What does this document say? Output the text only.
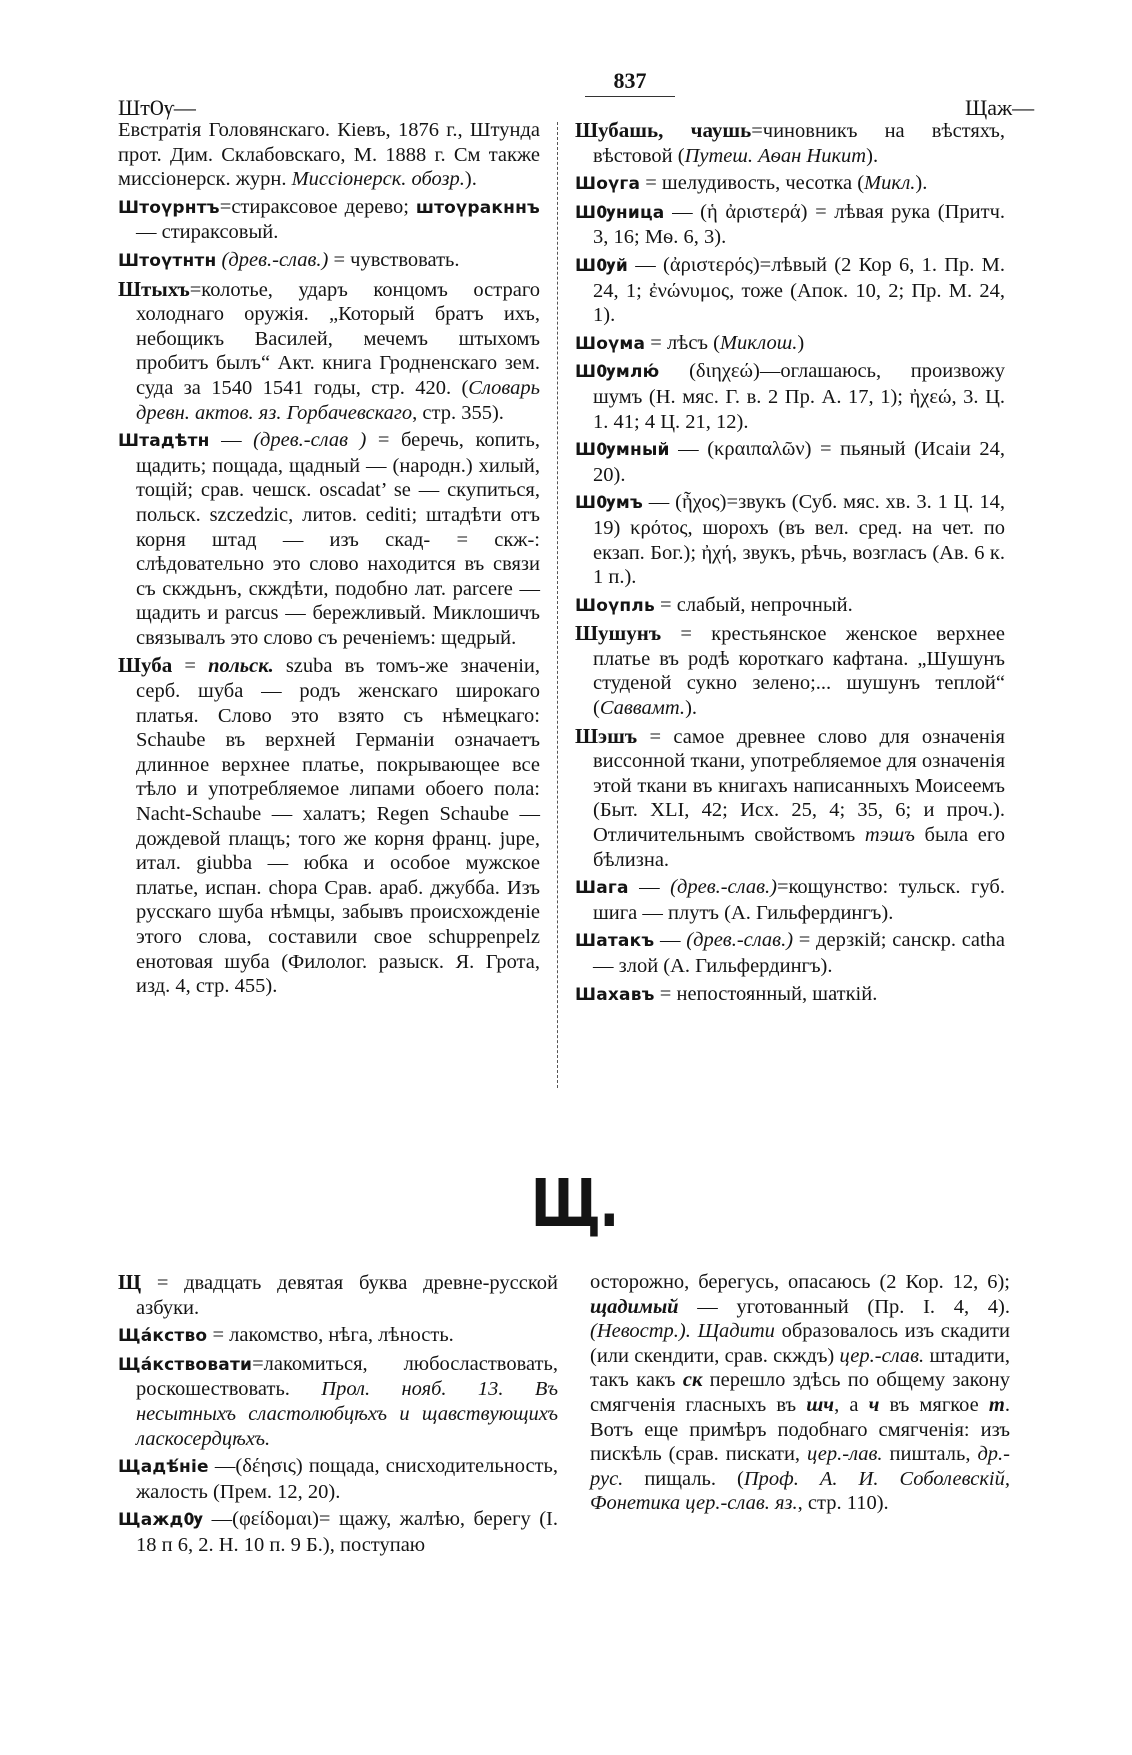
ШтѸ—
837
Щаж—

Евстратія Головянскаго. Кіевъ, 1876 г., Штунда прот. Дим. Склабовскаго, М. 1888 г. См также миссіонерск. журн. Миссіонерск. обозр.).

Штоүрнтъ=стираксовое дерево; штоүракннъ — стираксовый.

Штоүтнтн (древ.-слав.) = чувствовать.

Штыхъ=колотье, ударъ концомъ остраго холоднаго оружія. „Который братъ ихъ, небощикъ Василей, мечемъ штыхомъ пробитъ былъ“ Акт. книга Гродненскаго зем. суда за 1540 1541 годы, стр. 420. (Словарь древн. актов. яз. Горбачевскаго, стр. 355).

Штадѣтн — (древ.-слав ) = беречь, копить, щадить; пощада, щадный — (народн.) хилый, тощій; срав. чешск. oscadat’ se — скупиться, польск. szczedzic, литов. cediti; штадѣти отъ корня штад — изъ скад- = скж-: слѣдовательно это слово находится въ связи съ скждьнъ, скждѣти, подобно лат. parcere — щадить и parcus — бережливый. Миклошичъ связывалъ это слово съ реченіемъ: щедрый.

Шуба = польск. szuba въ томъ-же значеніи, серб. шуба — родъ женскаго широкаго платья. Слово это взято съ нѣмецкаго: Schaube въ верхней Германіи означаетъ длинное верхнее платье, покрывающее все тѣло и употребляемое липами обоего пола: Nacht-Schaube — халатъ; Regen Schaube — дождевой плащъ; того же корня франц. jupe, итал. giubba — юбка и особое мужское платье, испан. chopa Срав. араб. джубба. Изъ русскаго шуба нѣмцы, забывъ происхожденіе этого слова, составили свое schuppenpelz енотовая шуба (Филолог. разыск. Я. Грота, изд. 4, стр. 455).

Шубашь, чаушь=чиновникъ на вѣстяхъ, вѣстовой (Путеш. Аѳан Никит).

Шоүга = шелудивость, чесотка (Микл.).

ШѸница — (ἡ ἀριστερά) = лѣвая рука (Притч. 3, 16; Мѳ. 6, 3).

ШѸй — (ἀριστερός)=лѣвый (2 Кор 6, 1. Пр. М. 24, 1; ἐνώνυμος, тоже (Апок. 10, 2; Пр. М. 24, 1).

Шоүма = лѣсъ (Миклош.)

ШѸмлю́ (διηχεώ)—оглашаюсь, произвожу шумъ (Н. мяс. Г. в. 2 Пр. А. 17, 1); ἠχεώ, 3. Ц. 1. 41; 4 Ц. 21, 12).

ШѸмный — (κραιπαλῶν) = пьяный (Исаіи 24, 20).

ШѸмъ — (ἦχος)=звукъ (Суб. мяс. хв. 3. 1 Ц. 14, 19) κρότος, шорохъ (въ вел. сред. на чет. по екзап. Бог.); ἠχή, звукъ, рѣчь, возгласъ (Ав. 6 к. 1 п.).

Шоүпль = слабый, непрочный.

Шушунъ = крестьянское женское верхнее платье въ родѣ короткаго кафтана. „Шушунъ студеной сукно зелено;... шушунъ теплой“ (Саввамт.).

Шэшъ = самое древнее слово для означенія виссонной ткани, употребляемое для означенія этой ткани въ книгахъ написанныхъ Моисеемъ (Быт. XLI, 42; Исх. 25, 4; 35, 6; и проч.). Отличительнымъ свойствомъ тэшъ была его бѣлизна.

Шага — (древ.-слав.)=кощунство: тульск. губ. шига — плутъ (А. Гильфердингъ).

Шатакъ — (древ.-слав.) = дерзкій; санскр. catha — злой (А. Гильфердингъ).

Шахавъ = непостоянный, шаткій.

Щ.

Щ = двадцать девятая буква древне-русской азбуки.

Щáкство = лакомство, нѣга, лѣность.

Щáкствовати=лакомиться, любосластвовать, роскошествовать. Прол. нояб. 13. Въ несытныхъ сластолюбцѣхъ и щавствующихъ ласкосердцѣхъ.

Щадѣ́ніе —(δέησις) пощада, снисходительность, жалость (Прем. 12, 20).

ЩаждѸ —(φείδομαι)= щажу, жалѣю, берегу (І. 18 п 6, 2. Н. 10 п. 9 Б.), поступаю

осторожно, берегусь, опасаюсь (2 Кор. 12, 6); щадимый — уготованный (Пр. І. 4, 4). (Невостр.). Щадити образовалось изъ скадити (или скендити, срав. скждъ) цер.-слав. штадити, такъ какъ ск перешло здѣсь по общему закону смягченія гласныхъ въ шч, а ч въ мягкое т. Вотъ еще примѣръ подобнаго смягченія: изъ пискѣль (срав. пискати, цер.-лав. пишталь, др.-рус. пищаль. (Проф. А. И. Соболевскій, Фонетика цер.-слав. яз., стр. 110).
